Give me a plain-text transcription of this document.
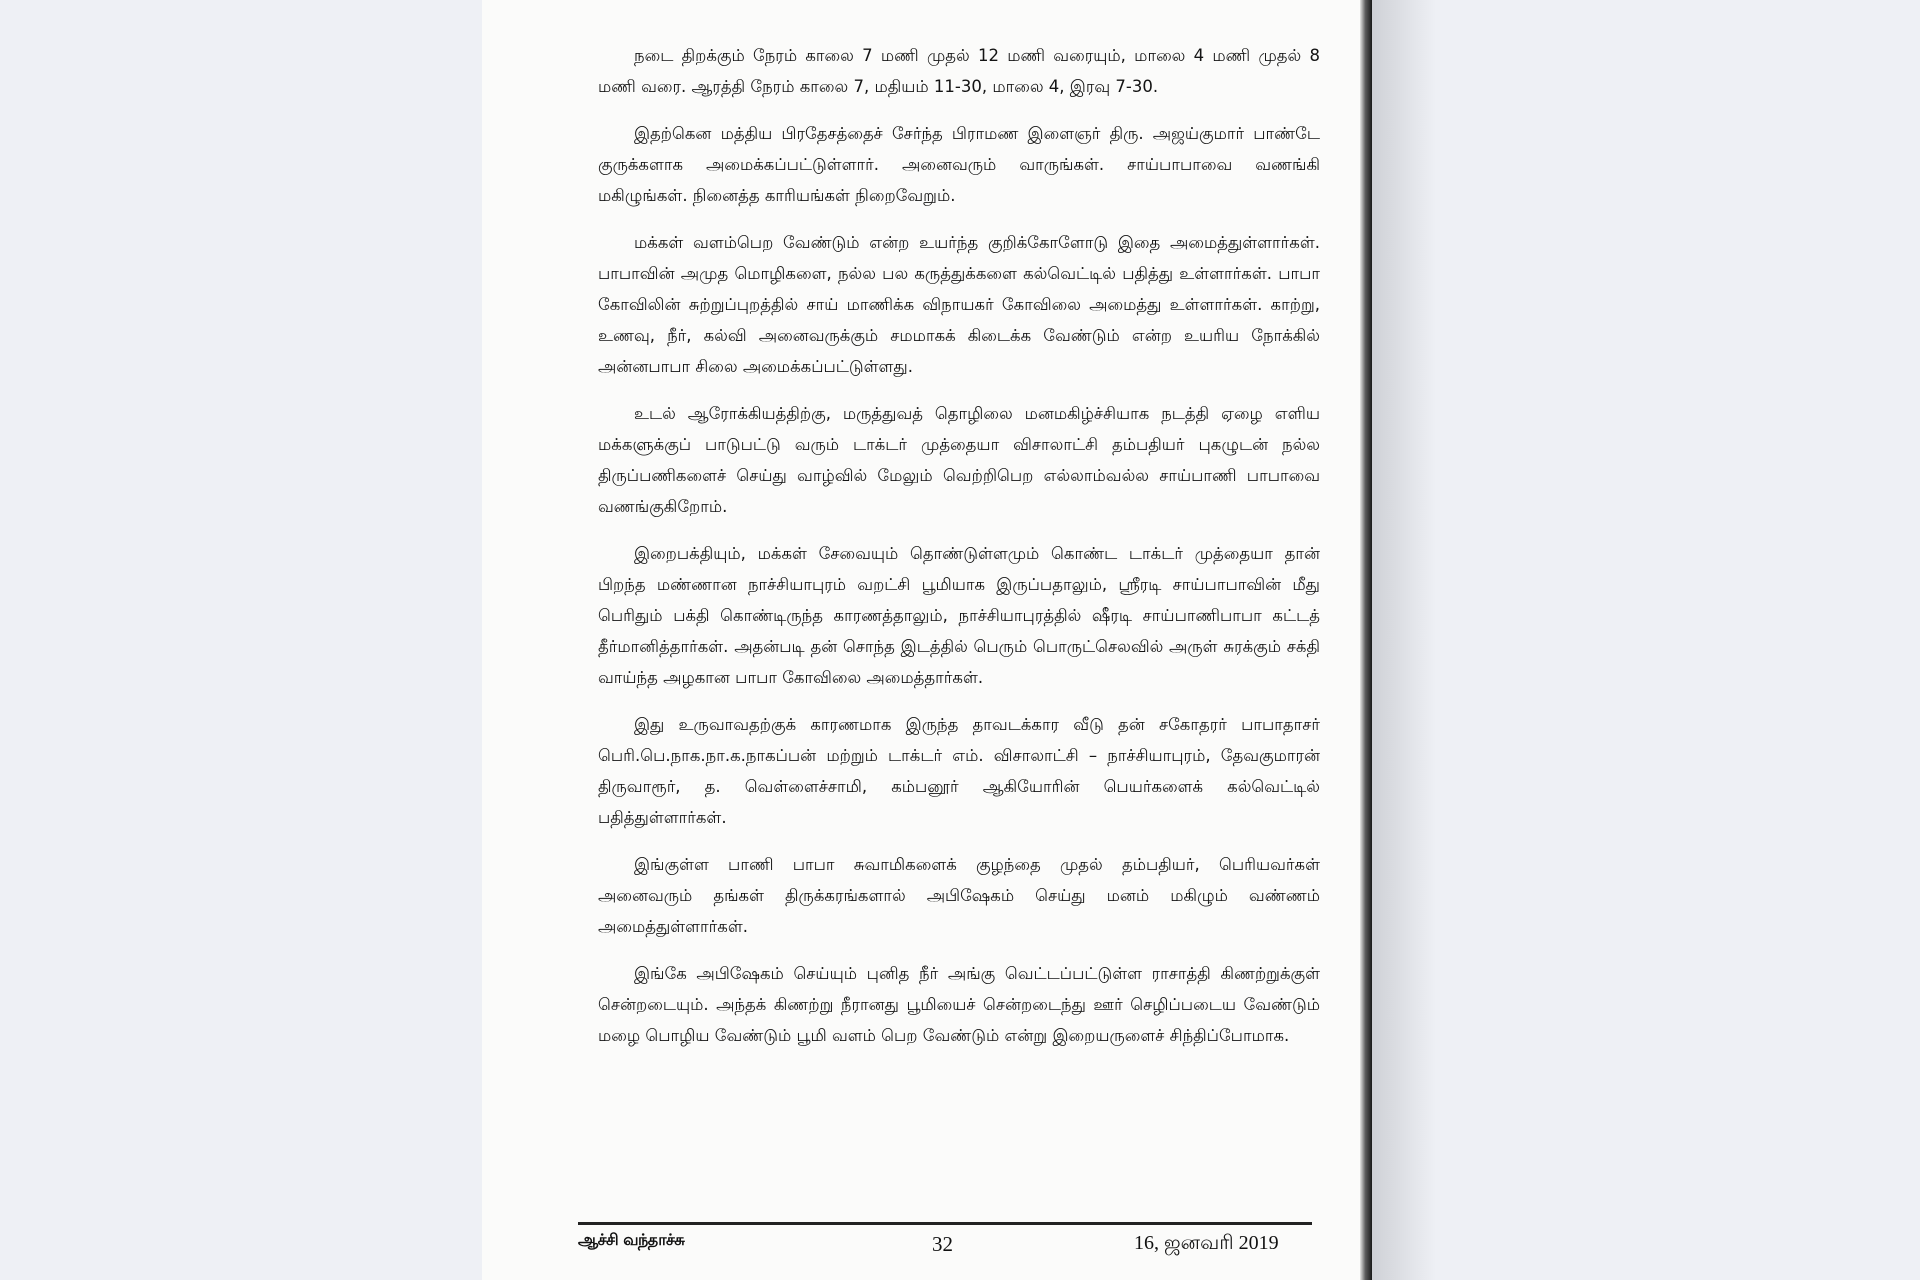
நடை திறக்கும் நேரம் காலை 7 மணி முதல் 12 மணி வரையும், மாலை 4 மணி முதல் 8 மணி வரை. ஆரத்தி நேரம் காலை 7, மதியம் 11-30, மாலை 4, இரவு 7-30.

இதற்கென மத்திய பிரதேசத்தைச் சேர்ந்த பிராமண இளைஞர் திரு. அஜய்குமார் பாண்டே குருக்களாக அமைக்கப்பட்டுள்ளார். அனைவரும் வாருங்கள். சாய்பாபாவை வணங்கி மகிழுங்கள். நினைத்த காரியங்கள் நிறைவேறும்.

மக்கள் வளம்பெற வேண்டும் என்ற உயர்ந்த குறிக்கோளோடு இதை அமைத்துள்ளார்கள். பாபாவின் அமுத மொழிகளை, நல்ல பல கருத்துக்களை கல்வெட்டில் பதித்து உள்ளார்கள். பாபா கோவிலின் சுற்றுப்புறத்தில் சாய் மாணிக்க விநாயகர் கோவிலை அமைத்து உள்ளார்கள். காற்று, உணவு, நீர், கல்வி அனைவருக்கும் சமமாகக் கிடைக்க வேண்டும் என்ற உயரிய நோக்கில் அன்னபாபா சிலை அமைக்கப்பட்டுள்ளது.

உடல் ஆரோக்கியத்திற்கு, மருத்துவத் தொழிலை மனமகிழ்ச்சியாக நடத்தி ஏழை எளிய மக்களுக்குப் பாடுபட்டு வரும் டாக்டர் முத்தையா விசாலாட்சி தம்பதியர் புகழுடன் நல்ல திருப்பணிகளைச் செய்து வாழ்வில் மேலும் வெற்றிபெற எல்லாம்வல்ல சாய்பாணி பாபாவை வணங்குகிறோம்.

இறைபக்தியும், மக்கள் சேவையும் தொண்டுள்ளமும் கொண்ட டாக்டர் முத்தையா தான் பிறந்த மண்ணான நாச்சியாபுரம் வறட்சி பூமியாக இருப்பதாலும், ஸ்ரீரடி சாய்பாபாவின் மீது பெரிதும் பக்தி கொண்டிருந்த காரணத்தாலும், நாச்சியாபுரத்தில் ஷீரடி சாய்பாணிபாபா கட்டத் தீர்மானித்தார்கள். அதன்படி தன் சொந்த இடத்தில் பெரும் பொருட்செலவில் அருள் சுரக்கும் சக்தி வாய்ந்த அழகான பாபா கோவிலை அமைத்தார்கள்.

இது உருவாவதற்குக் காரணமாக இருந்த தாவடக்கார வீடு தன் சகோதரர் பாபாதாசர் பெரி.பெ.நாக.நா.க.நாகப்பன் மற்றும் டாக்டர் எம். விசாலாட்சி – நாச்சியாபுரம், தேவகுமாரன் திருவாரூர், த. வெள்ளைச்சாமி, கம்பனூர் ஆகியோரின் பெயர்களைக் கல்வெட்டில் பதித்துள்ளார்கள்.

இங்குள்ள பாணி பாபா சுவாமிகளைக் குழந்தை முதல் தம்பதியர், பெரியவர்கள் அனைவரும் தங்கள் திருக்கரங்களால் அபிஷேகம் செய்து மனம் மகிழும் வண்ணம் அமைத்துள்ளார்கள்.

இங்கே அபிஷேகம் செய்யும் புனித நீர் அங்கு வெட்டப்பட்டுள்ள ராசாத்தி கிணற்றுக்குள் சென்றடையும். அந்தக் கிணற்று நீரானது பூமியைச் சென்றடைந்து ஊர் செழிப்படைய வேண்டும் மழை பொழிய வேண்டும் பூமி வளம் பெற வேண்டும் என்று இறையருளைச் சிந்திப்போமாக.

ஆச்சி வந்தாச்சு	32	16, ஜனவரி 2019
